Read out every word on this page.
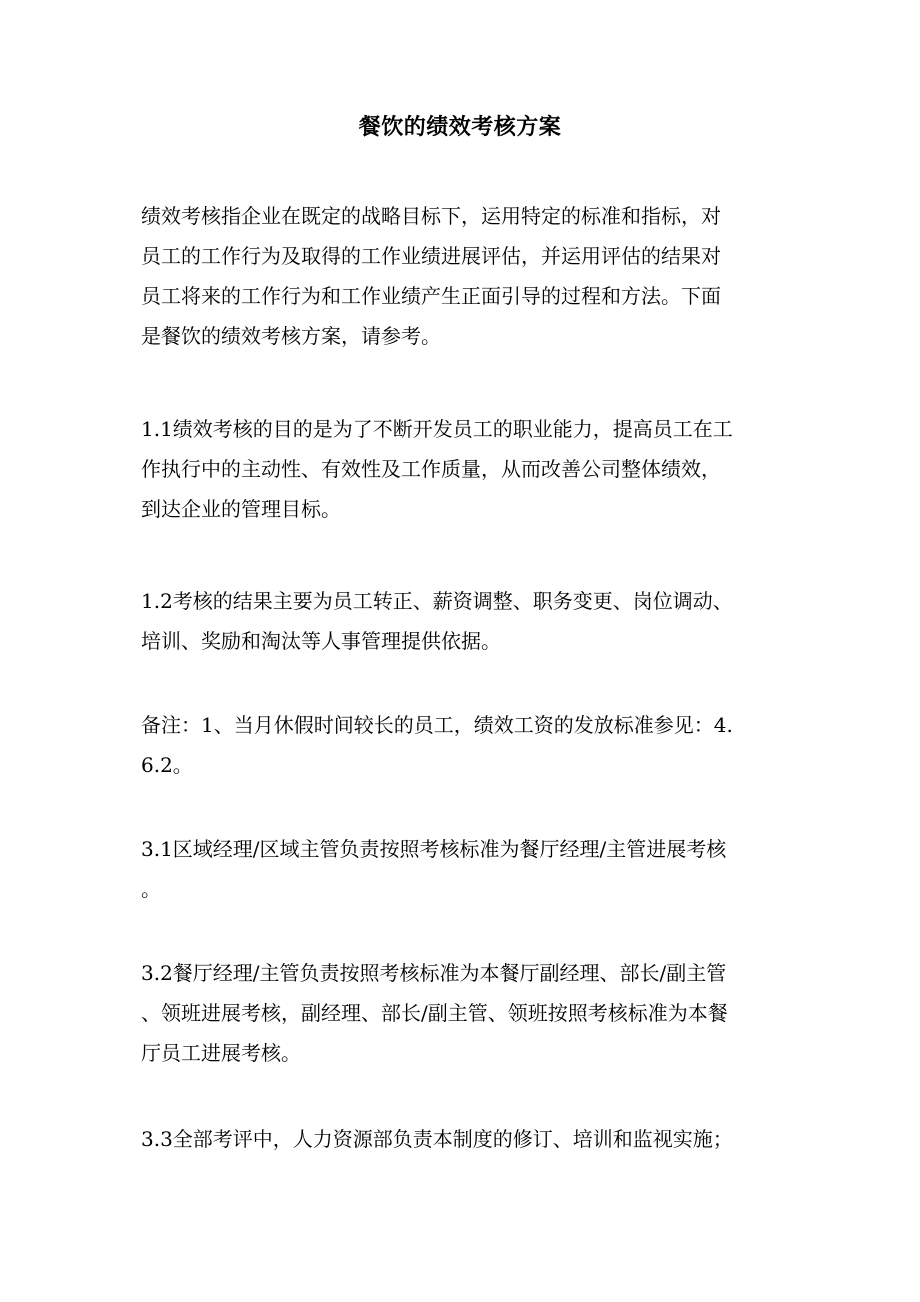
餐饮的绩效考核方案

绩效考核指企业在既定的战略目标下，运用特定的标准和指标，对
员工的工作行为及取得的工作业绩进展评估，并运用评估的结果对
员工将来的工作行为和工作业绩产生正面引导的过程和方法。下面
是餐饮的绩效考核方案，请参考。

1.1绩效考核的目的是为了不断开发员工的职业能力，提高员工在工
作执行中的主动性、有效性及工作质量，从而改善公司整体绩效，
到达企业的管理目标。

1.2考核的结果主要为员工转正、薪资调整、职务变更、岗位调动、
培训、奖励和淘汰等人事管理提供依据。

备注：1、当月休假时间较长的员工，绩效工资的发放标准参见：4.
6.2。

3.1区域经理/区域主管负责按照考核标准为餐厅经理/主管进展考核
。

3.2餐厅经理/主管负责按照考核标准为本餐厅副经理、部长/副主管
、领班进展考核，副经理、部长/副主管、领班按照考核标准为本餐
厅员工进展考核。

3.3全部考评中，人力资源部负责本制度的修订、培训和监视实施；
